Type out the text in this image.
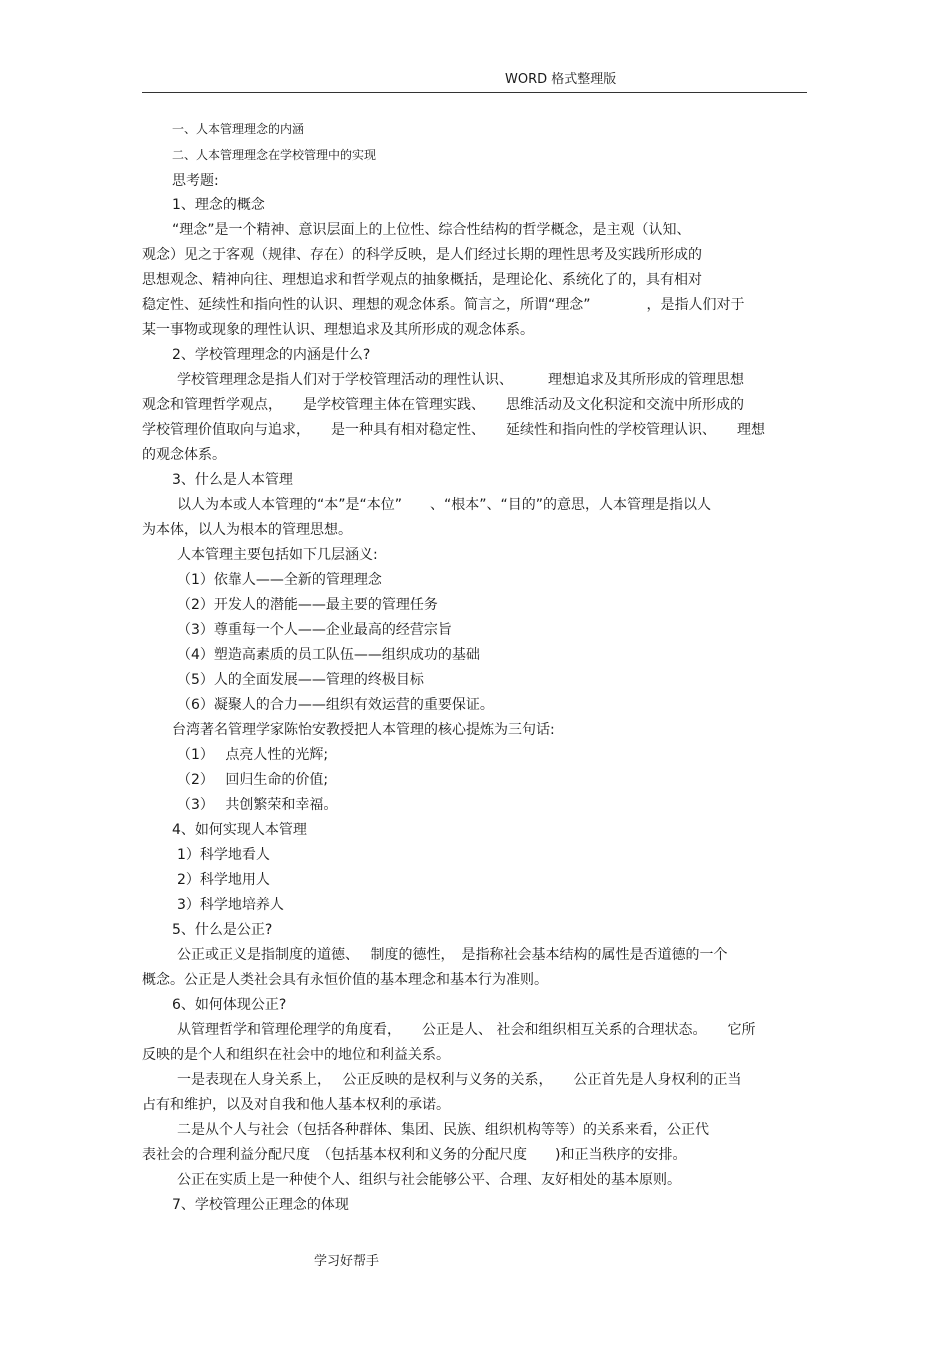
WORD 格式整理版
一、人本管理理念的内涵
二、人本管理理念在学校管理中的实现
思考题:
1、理念的概念
“理念”是一个精神、意识层面上的上位性、综合性结构的哲学概念，是主观（认知、
观念）见之于客观（规律、存在）的科学反映，是人们经过长期的理性思考及实践所形成的
思想观念、精神向往、理想追求和哲学观点的抽象概括，是理论化、系统化了的，具有相对
稳定性、延续性和指向性的认识、理想的观念体系。简言之，所谓“理念”　　　　，是指人们对于
某一事物或现象的理性认识、理想追求及其所形成的观念体系。
2、学校管理理念的内涵是什么?
学校管理理念是指人们对于学校管理活动的理性认识、　　　理想追求及其所形成的管理思想
观念和管理哲学观点，　　是学校管理主体在管理实践、　　思维活动及文化积淀和交流中所形成的
学校管理价值取向与追求，　　是一种具有相对稳定性、　　延续性和指向性的学校管理认识、　　理想
的观念体系。
3、什么是人本管理
以人为本或人本管理的“本”是“本位”　　、“根本”、“目的”的意思，人本管理是指以人
为本体，以人为根本的管理思想。
人本管理主要包括如下几层涵义:
（1）依靠人——全新的管理理念
（2）开发人的潜能——最主要的管理任务
（3）尊重每一个人——企业最高的经营宗旨
（4）塑造高素质的员工队伍——组织成功的基础
（5）人的全面发展——管理的终极目标
（6）凝聚人的合力——组织有效运营的重要保证。
台湾著名管理学家陈怡安教授把人本管理的核心提炼为三句话:
（1）　 点亮人性的光辉;
（2）　 回归生命的价值;
（3）　 共创繁荣和幸福。
4、如何实现人本管理
1）科学地看人
2）科学地用人
3）科学地培养人
5、什么是公正?
公正或正义是指制度的道德、　 制度的德性，　是指称社会基本结构的属性是否道德的一个
概念。公正是人类社会具有永恒价值的基本理念和基本行为准则。
6、如何体现公正?
从管理哲学和管理伦理学的角度看，　　公正是人、 社会和组织相互关系的合理状态。　　它所
反映的是个人和组织在社会中的地位和利益关系。
一是表现在人身关系上，　 公正反映的是权利与义务的关系，　　公正首先是人身权利的正当
占有和维护，以及对自我和他人基本权利的承诺。
二是从个人与社会（包括各种群体、集团、民族、组织机构等等）的关系来看，公正代
表社会的合理利益分配尺度　（包括基本权利和义务的分配尺度　　)和正当秩序的安排。
公正在实质上是一种使个人、组织与社会能够公平、合理、友好相处的基本原则。
7、学校管理公正理念的体现
学习好帮手
